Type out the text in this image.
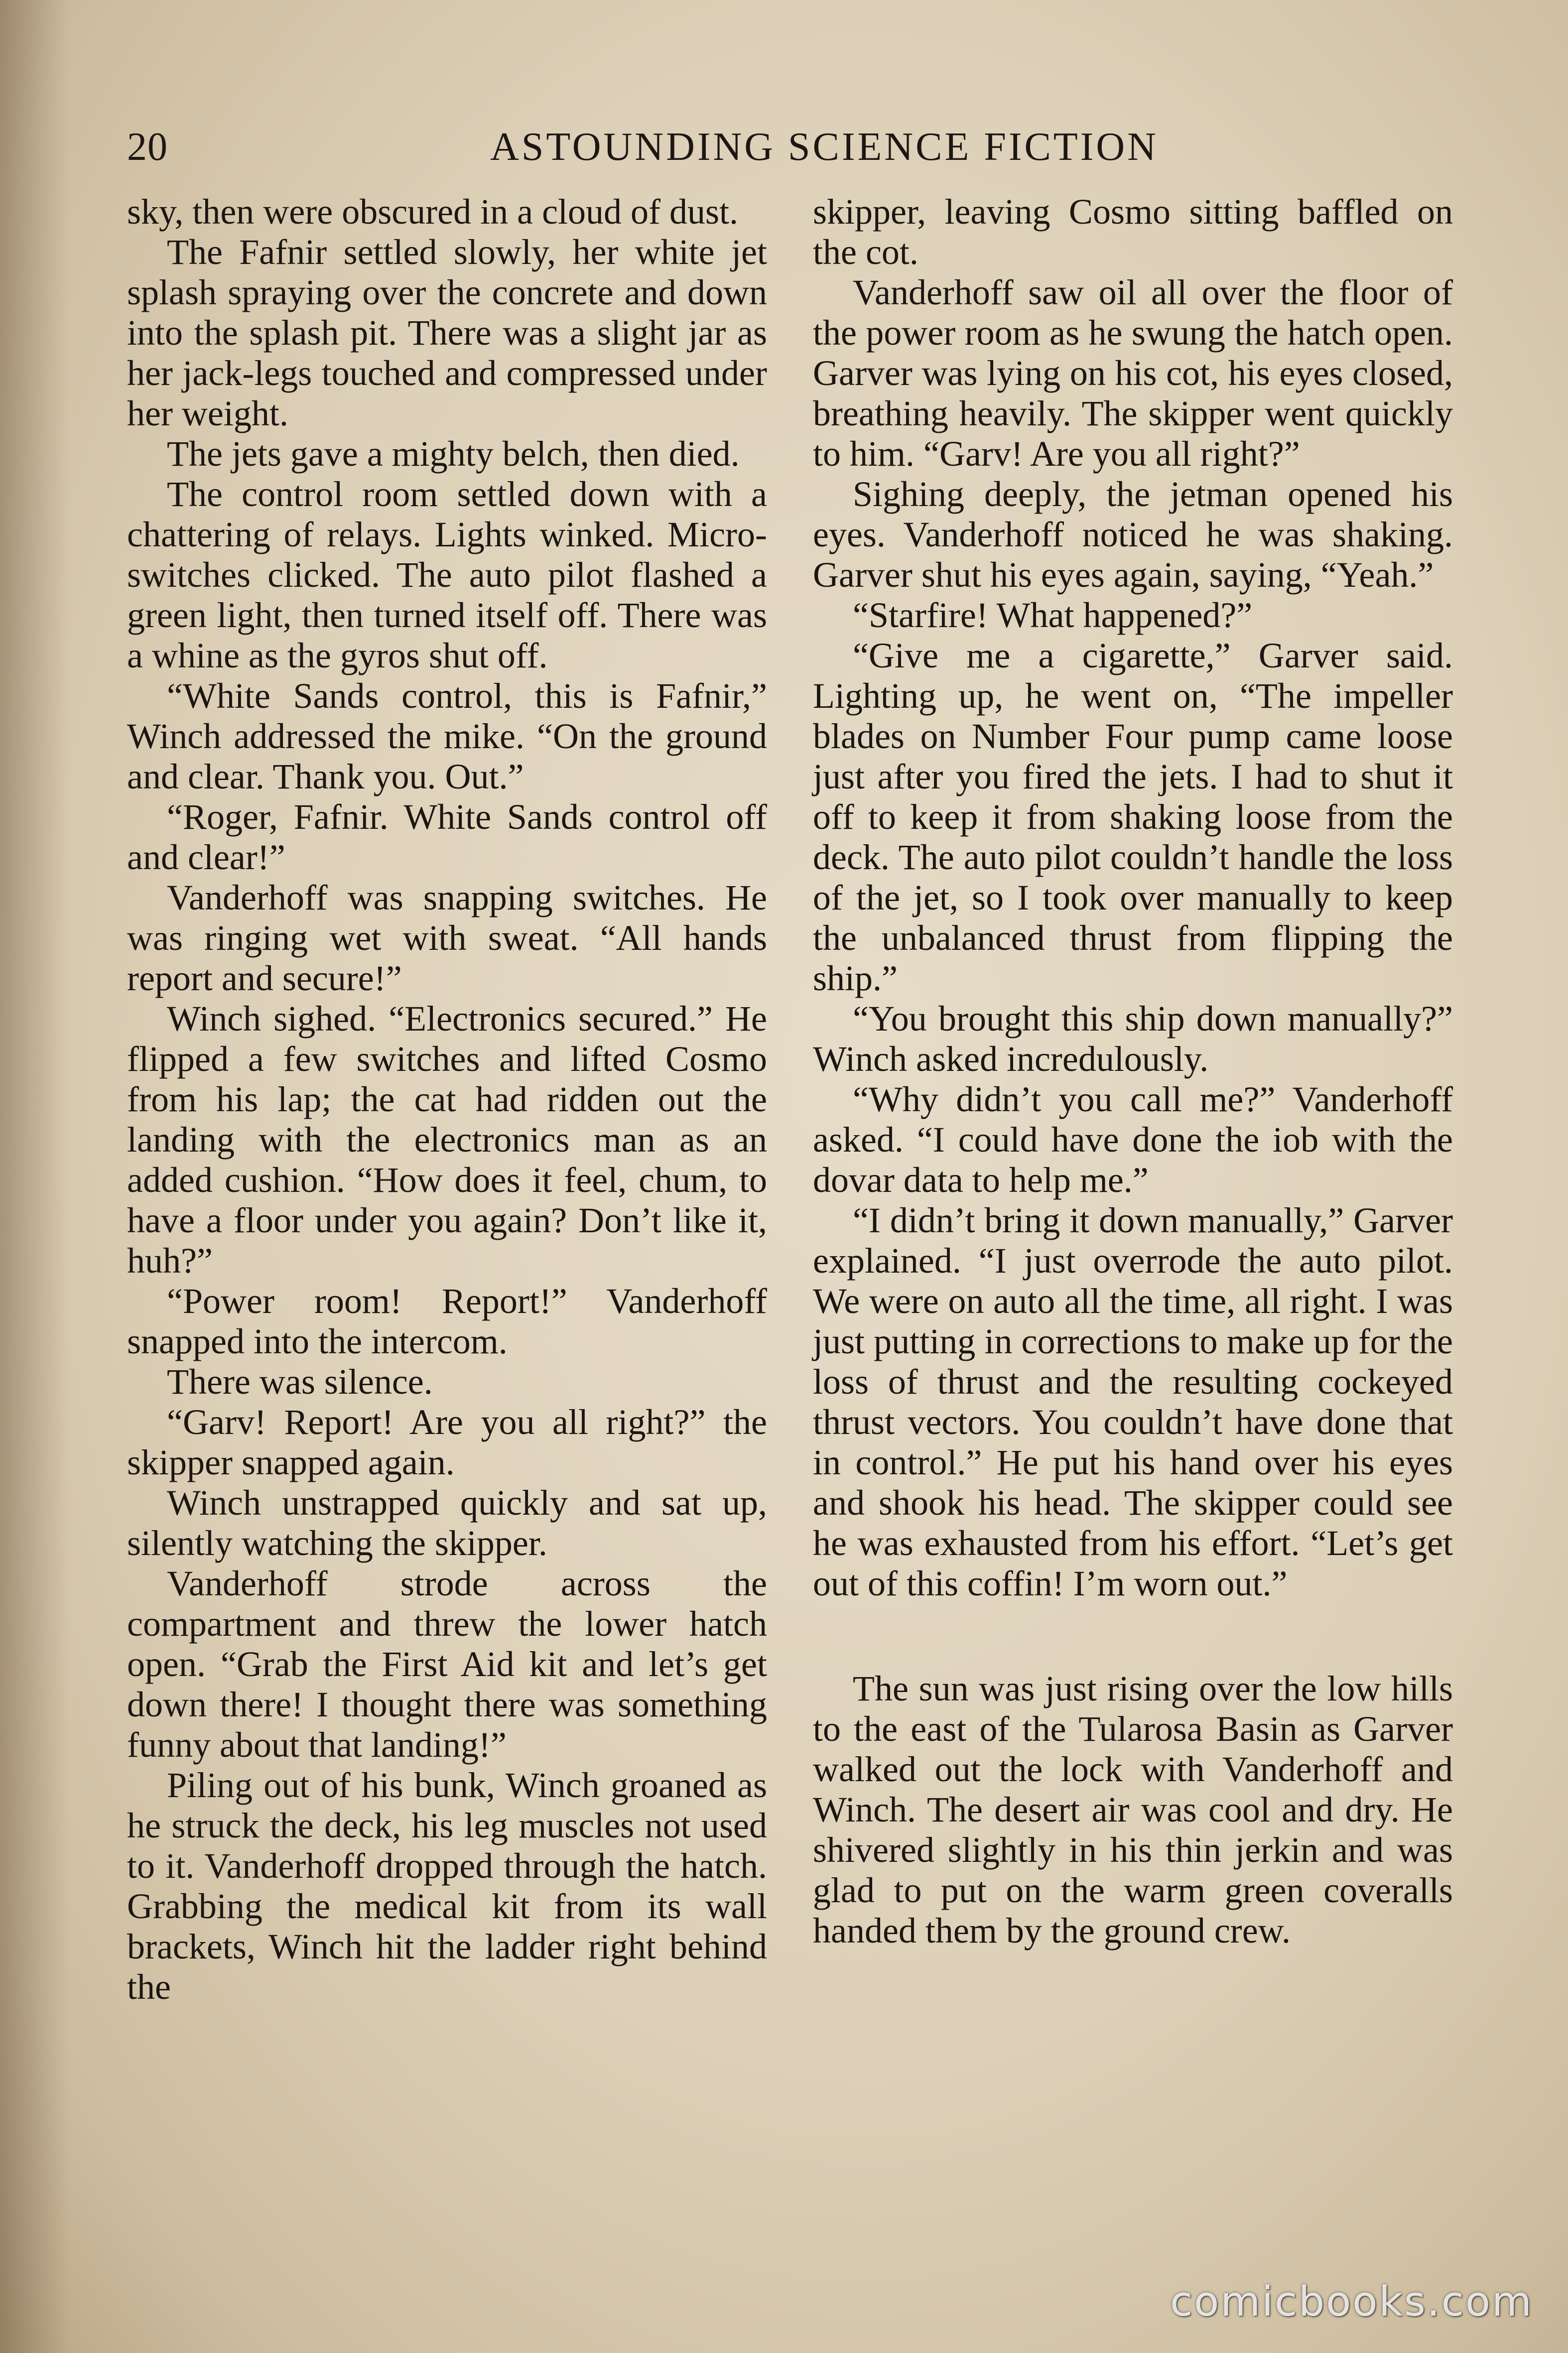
20	ASTOUNDING SCIENCE FICTION

sky, then were obscured in a cloud of dust.

The Fafnir settled slowly, her white jet splash spraying over the concrete and down into the splash pit. There was a slight jar as her jack-legs touched and compressed under her weight.

The jets gave a mighty belch, then died.

The control room settled down with a chattering of relays. Lights winked. Micro-switches clicked. The auto pilot flashed a green light, then turned itself off. There was a whine as the gyros shut off.

“White Sands control, this is Fafnir,” Winch addressed the mike. “On the ground and clear. Thank you. Out.”

“Roger, Fafnir. White Sands control off and clear!”

Vanderhoff was snapping switches. He was ringing wet with sweat. “All hands report and secure!”

Winch sighed. “Electronics secured.” He flipped a few switches and lifted Cosmo from his lap; the cat had ridden out the landing with the electronics man as an added cushion. “How does it feel, chum, to have a floor under you again? Don’t like it, huh?”

“Power room! Report!” Vanderhoff snapped into the intercom.

There was silence.

“Garv! Report! Are you all right?” the skipper snapped again.

Winch unstrapped quickly and sat up, silently watching the skipper.

Vanderhoff strode across the compartment and threw the lower hatch open. “Grab the First Aid kit and let’s get down there! I thought there was something funny about that landing!”

Piling out of his bunk, Winch groaned as he struck the deck, his leg muscles not used to it. Vanderhoff dropped through the hatch. Grabbing the medical kit from its wall brackets, Winch hit the ladder right behind the

skipper, leaving Cosmo sitting baffled on the cot.

Vanderhoff saw oil all over the floor of the power room as he swung the hatch open. Garver was lying on his cot, his eyes closed, breathing heavily. The skipper went quickly to him. “Garv! Are you all right?”

Sighing deeply, the jetman opened his eyes. Vanderhoff noticed he was shaking. Garver shut his eyes again, saying, “Yeah.”

“Starfire! What happened?”

“Give me a cigarette,” Garver said. Lighting up, he went on, “The impeller blades on Number Four pump came loose just after you fired the jets. I had to shut it off to keep it from shaking loose from the deck. The auto pilot couldn’t handle the loss of the jet, so I took over manually to keep the unbalanced thrust from flipping the ship.”

“You brought this ship down manually?” Winch asked incredulously.

“Why didn’t you call me?” Vanderhoff asked. “I could have done the iob with the dovar data to help me.”

“I didn’t bring it down manually,” Garver explained. “I just overrode the auto pilot. We were on auto all the time, all right. I was just putting in corrections to make up for the loss of thrust and the resulting cockeyed thrust vectors. You couldn’t have done that in control.” He put his hand over his eyes and shook his head. The skipper could see he was exhausted from his effort. “Let’s get out of this coffin! I’m worn out.”

The sun was just rising over the low hills to the east of the Tularosa Basin as Garver walked out the lock with Vanderhoff and Winch. The desert air was cool and dry. He shivered slightly in his thin jerkin and was glad to put on the warm green coveralls handed them by the ground crew.

comicbooks.com
